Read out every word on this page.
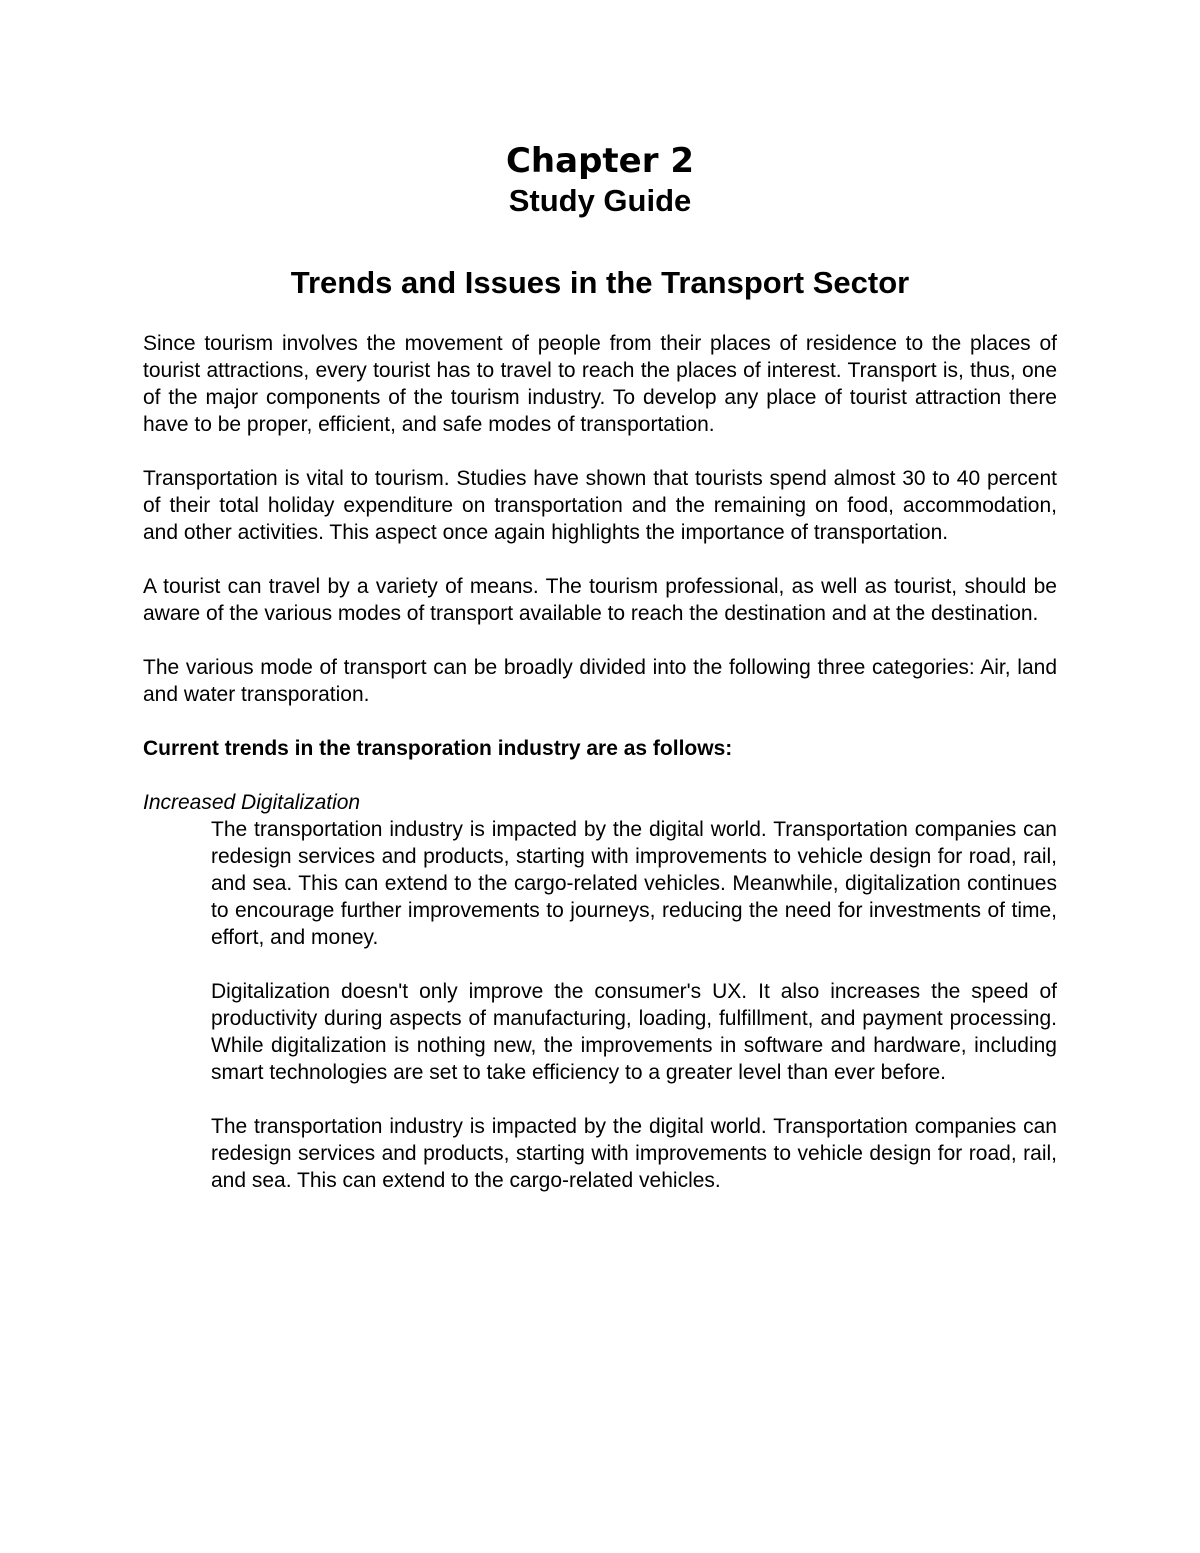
Chapter 2
Study Guide
Trends and Issues in the Transport Sector

Since tourism involves the movement of people from their places of residence to the places of tourist attractions, every tourist has to travel to reach the places of interest. Transport is, thus, one of the major components of the tourism industry. To develop any place of tourist attraction there have to be proper, efficient, and safe modes of transportation.

Transportation is vital to tourism. Studies have shown that tourists spend almost 30 to 40 percent of their total holiday expenditure on transportation and the remaining on food, accommodation, and other activities. This aspect once again highlights the importance of transportation.

A tourist can travel by a variety of means. The tourism professional, as well as tourist, should be aware of the various modes of transport available to reach the destination and at the destination.

The various mode of transport can be broadly divided into the following three categories: Air, land and water transporation.

Current trends in the transporation industry are as follows:

Increased Digitalization

The transportation industry is impacted by the digital world. Transportation companies can redesign services and products, starting with improvements to vehicle design for road, rail, and sea. This can extend to the cargo-related vehicles. Meanwhile, digitalization continues to encourage further improvements to journeys, reducing the need for investments of time, effort, and money.

Digitalization doesn't only improve the consumer's UX. It also increases the speed of productivity during aspects of manufacturing, loading, fulfillment, and payment processing. While digitalization is nothing new, the improvements in software and hardware, including smart technologies are set to take efficiency to a greater level than ever before.

The transportation industry is impacted by the digital world. Transportation companies can redesign services and products, starting with improvements to vehicle design for road, rail, and sea. This can extend to the cargo-related vehicles.
